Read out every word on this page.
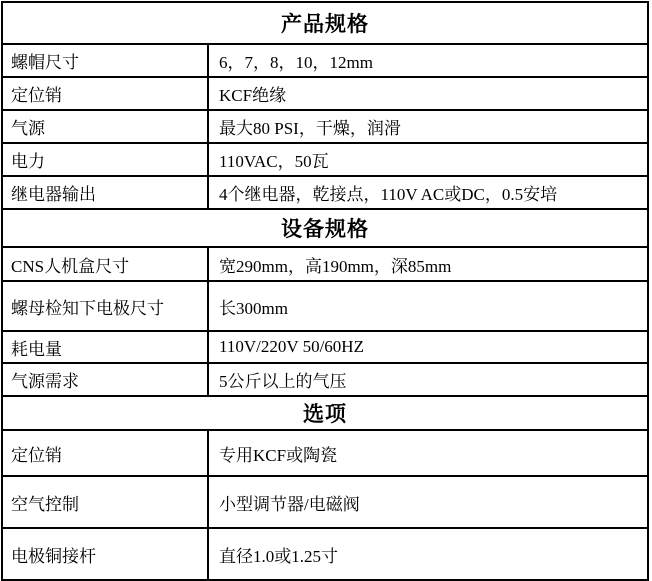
产品规格
螺帽尺寸	6，7，8，10，12mm
定位销	KCF绝缘
气源	最大80 PSI，干燥，润滑
电力	110VAC，50瓦
继电器输出	4个继电器，乾接点，110V AC或DC，0.5安培
设备规格
CNS人机盒尺寸	宽290mm，高190mm，深85mm
螺母检知下电极尺寸	长300mm
耗电量	110V/220V 50/60HZ
气源需求	5公斤以上的气压
选项
定位销	专用KCF或陶瓷
空气控制	小型调节器/电磁阀
电极铜接杆	直径1.0或1.25寸
